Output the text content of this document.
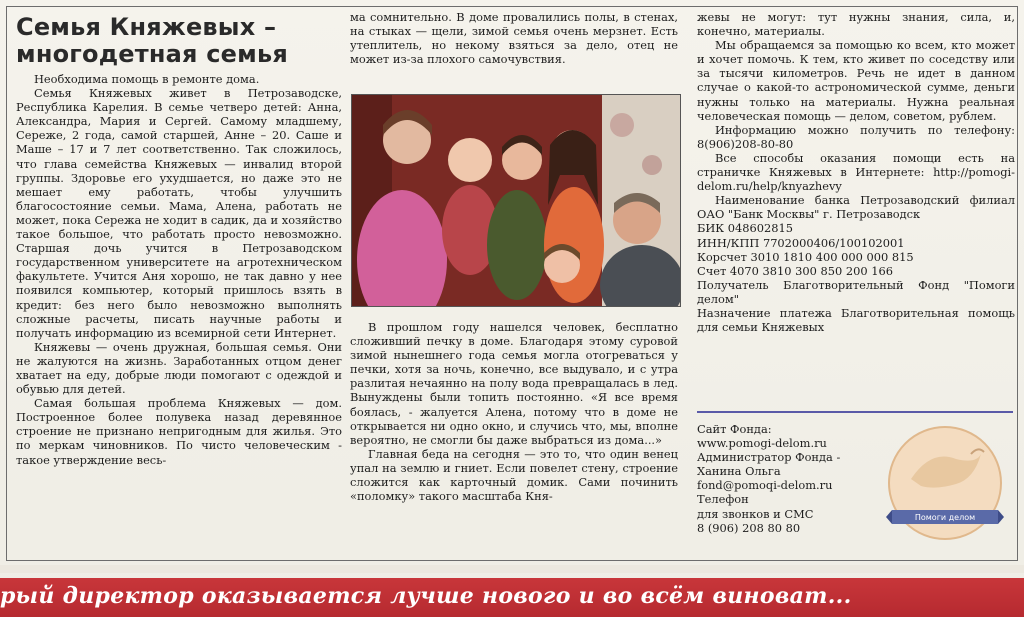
Семья Княжевых – многодетная семья

Необходима помощь в ремонте дома.

Семья Княжевых живет в Петрозаводске, Республика Карелия. В семье четверо детей: Анна, Александра, Мария и Сергей. Самому младшему, Сереже, 2 года, самой старшей, Анне – 20. Саше и Маше – 17 и 7 лет соответственно. Так сложилось, что глава семейства Княжевых — инвалид второй группы. Здоровье его ухудшается, но даже это не мешает ему работать, чтобы улучшить благосостояние семьи. Мама, Алена, работать не может, пока Сережа не ходит в садик, да и хозяйство такое большое, что работать просто невозможно. Старшая дочь учится в Петрозаводском государственном университете на агротехническом факультете. Учится Аня хорошо, не так давно у нее появился компьютер, который пришлось взять в кредит: без него было невозможно выполнять сложные расчеты, писать научные работы и получать информацию из всемирной сети Интернет.

Княжевы — очень дружная, большая семья. Они не жалуются на жизнь. Заработанных отцом денег хватает на еду, добрые люди помогают с одеждой и обувью для детей.

Самая большая проблема Княжевых — дом. Построенное более полувека назад деревянное строение не признано непригодным для жилья. Это по меркам чиновников. По чисто человеческим - такое утверждение весь-

ма сомнительно. В доме провалились полы, в стенах, на стыках — щели, зимой семья очень мерзнет. Есть утеплитель, но некому взяться за дело, отец не может из-за плохого самочувствия.

В прошлом году нашелся человек, бесплатно сложивший печку в доме. Благодаря этому суровой зимой нынешнего года семья могла отогреваться у печки, хотя за ночь, конечно, все выдувало, и с утра разлитая нечаянно на полу вода превращалась в лед. Вынуждены были топить постоянно. «Я все время боялась, - жалуется Алена, потому что в доме не открывается ни одно окно, и случись что, мы, вполне вероятно, не смогли бы даже выбраться из дома...»

Главная беда на сегодня — это то, что один венец упал на землю и гниет. Если повелет стену, строение сложится как карточный домик. Сами починить «поломку» такого масштаба Кня-

жевы не могут: тут нужны знания, сила, и, конечно, материалы.

Мы обращаемся за помощью ко всем, кто может и хочет помочь. К тем, кто живет по соседству или за тысячи километров. Речь не идет в данном случае о какой-то астрономической сумме, деньги нужны только на материалы. Нужна реальная человеческая помощь — делом, советом, рублем.

Информацию можно получить по телефону: 8(906)208-80-80

Все способы оказания помощи есть на страничке Княжевых в Интернете: http://pomogi-delom.ru/help/knyazhevy

Наименование банка Петрозаводский филиал ОАО "Банк Москвы" г. Петрозаводск

БИК 048602815

ИНН/КПП 7702000406/100102001

Корсчет 3010 1810 400 000 000 815

Счет 4070 3810 300 850 200 166

Получатель Благотворительный Фонд "Помоги делом"

Назначение платежа Благотворительная помощь для семьи Княжевых

Сайт Фонда:
www.pomogi-delom.ru
Администратор Фонда -
Ханина Ольга
fond@pomoqi-delom.ru
Телефон
для звонков и СМС
8 (906) 208 80 80
Помоги делом
рый директор оказывается лучше нового и во всём виноват...
